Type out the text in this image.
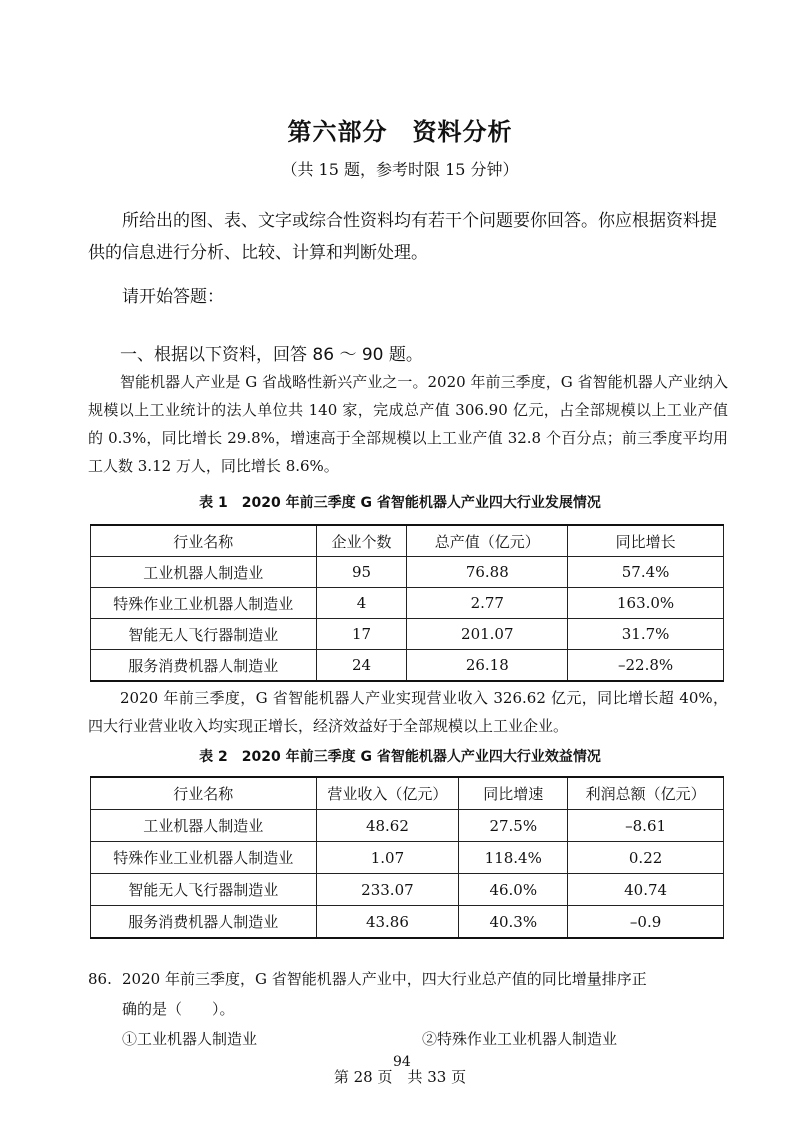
第六部分　资料分析
（共 15 题，参考时限 15 分钟）
所给出的图、表、文字或综合性资料均有若干个问题要你回答。你应根据资料提供的信息进行分析、比较、计算和判断处理。
请开始答题：
一、根据以下资料，回答 86 ～ 90 题。
智能机器人产业是 G 省战略性新兴产业之一。2020 年前三季度，G 省智能机器人产业纳入规模以上工业统计的法人单位共 140 家，完成总产值 306.90 亿元，占全部规模以上工业产值的 0.3%，同比增长 29.8%，增速高于全部规模以上工业产值 32.8 个百分点；前三季度平均用工人数 3.12 万人，同比增长 8.6%。
表 1　2020 年前三季度 G 省智能机器人产业四大行业发展情况
行业名称	企业个数	总产值（亿元）	同比增长
工业机器人制造业	95	76.88	57.4%
特殊作业工业机器人制造业	4	2.77	163.0%
智能无人飞行器制造业	17	201.07	31.7%
服务消费机器人制造业	24	26.18	–22.8%
2020 年前三季度，G 省智能机器人产业实现营业收入 326.62 亿元，同比增长超 40%，四大行业营业收入均实现正增长，经济效益好于全部规模以上工业企业。
表 2　2020 年前三季度 G 省智能机器人产业四大行业效益情况
行业名称	营业收入（亿元）	同比增速	利润总额（亿元）
工业机器人制造业	48.62	27.5%	–8.61
特殊作业工业机器人制造业	1.07	118.4%	0.22
智能无人飞行器制造业	233.07	46.0%	40.74
服务消费机器人制造业	43.86	40.3%	–0.9
86. 2020 年前三季度，G 省智能机器人产业中，四大行业总产值的同比增量排序正
确的是（　　）。
①工业机器人制造业	②特殊作业工业机器人制造业
94
第 28 页　共 33 页
